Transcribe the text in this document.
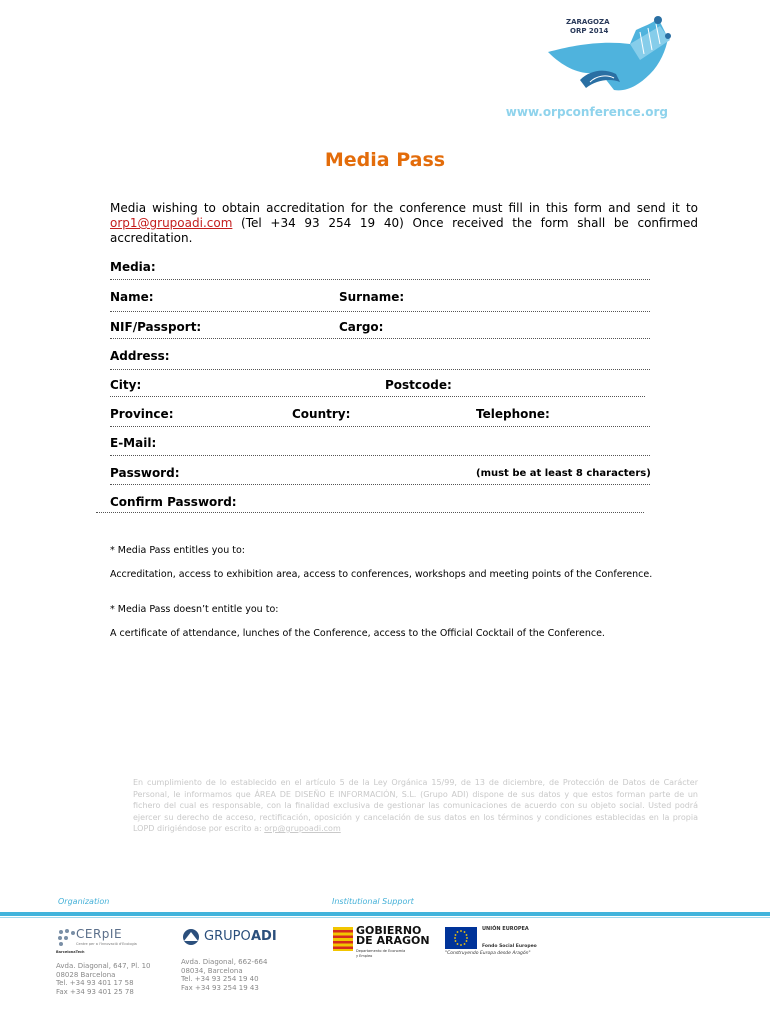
ZARAGOZA
ORP 2014
www.orpconference.org
Media Pass
Media wishing to obtain accreditation for the conference must fill in this form and send it to orp1@grupoadi.com (Tel +34 93 254 19 40) Once received the form shall be confirmed accreditation.
Media:
Name:	Surname:
NIF/Passport:	Cargo:
Address:
City:	Postcode:
Province:	Country:	Telephone:
E-Mail:
Password:	(must be at least 8 characters)
Confirm Password:
* Media Pass entitles you to:
Accreditation, access to exhibition area, access to conferences, workshops and meeting points of the Conference.
* Media Pass doesn’t entitle you to:
A certificate of attendance, lunches of the Conference, access to the Official Cocktail of the Conference.
En cumplimiento de lo establecido en el artículo 5 de la Ley Orgánica 15/99, de 13 de diciembre, de Protección de Datos de Carácter Personal, le informamos que ÁREA DE DISEÑO E INFORMACIÓN, S.L. (Grupo ADI) dispone de sus datos y que estos forman parte de un fichero del cual es responsable, con la finalidad exclusiva de gestionar las comunicaciones de acuerdo con su objeto social. Usted podrá ejercer su derecho de acceso, rectificación, oposición y cancelación de sus datos en los términos y condiciones establecidas en la propia LOPD dirigiéndose por escrito a: orp@grupoadi.com
Organization	Institutional Support
CERpIE
Centre per a l'Innovació d'Ecologia
BarcelonaTech
Avda. Diagonal, 647, Pl. 10
08028 Barcelona
Tel. +34 93 401 17 58
Fax +34 93 401 25 78
GRUPO ADI
Avda. Diagonal, 662-664
08034, Barcelona
Tel. +34 93 254 19 40
Fax +34 93 254 19 43
GOBIERNO
DE ARAGON
Departamento de Economía
y Empleo
UNIÓN EUROPEA
Fondo Social Europeo
"Construyendo Europa desde Aragón"
